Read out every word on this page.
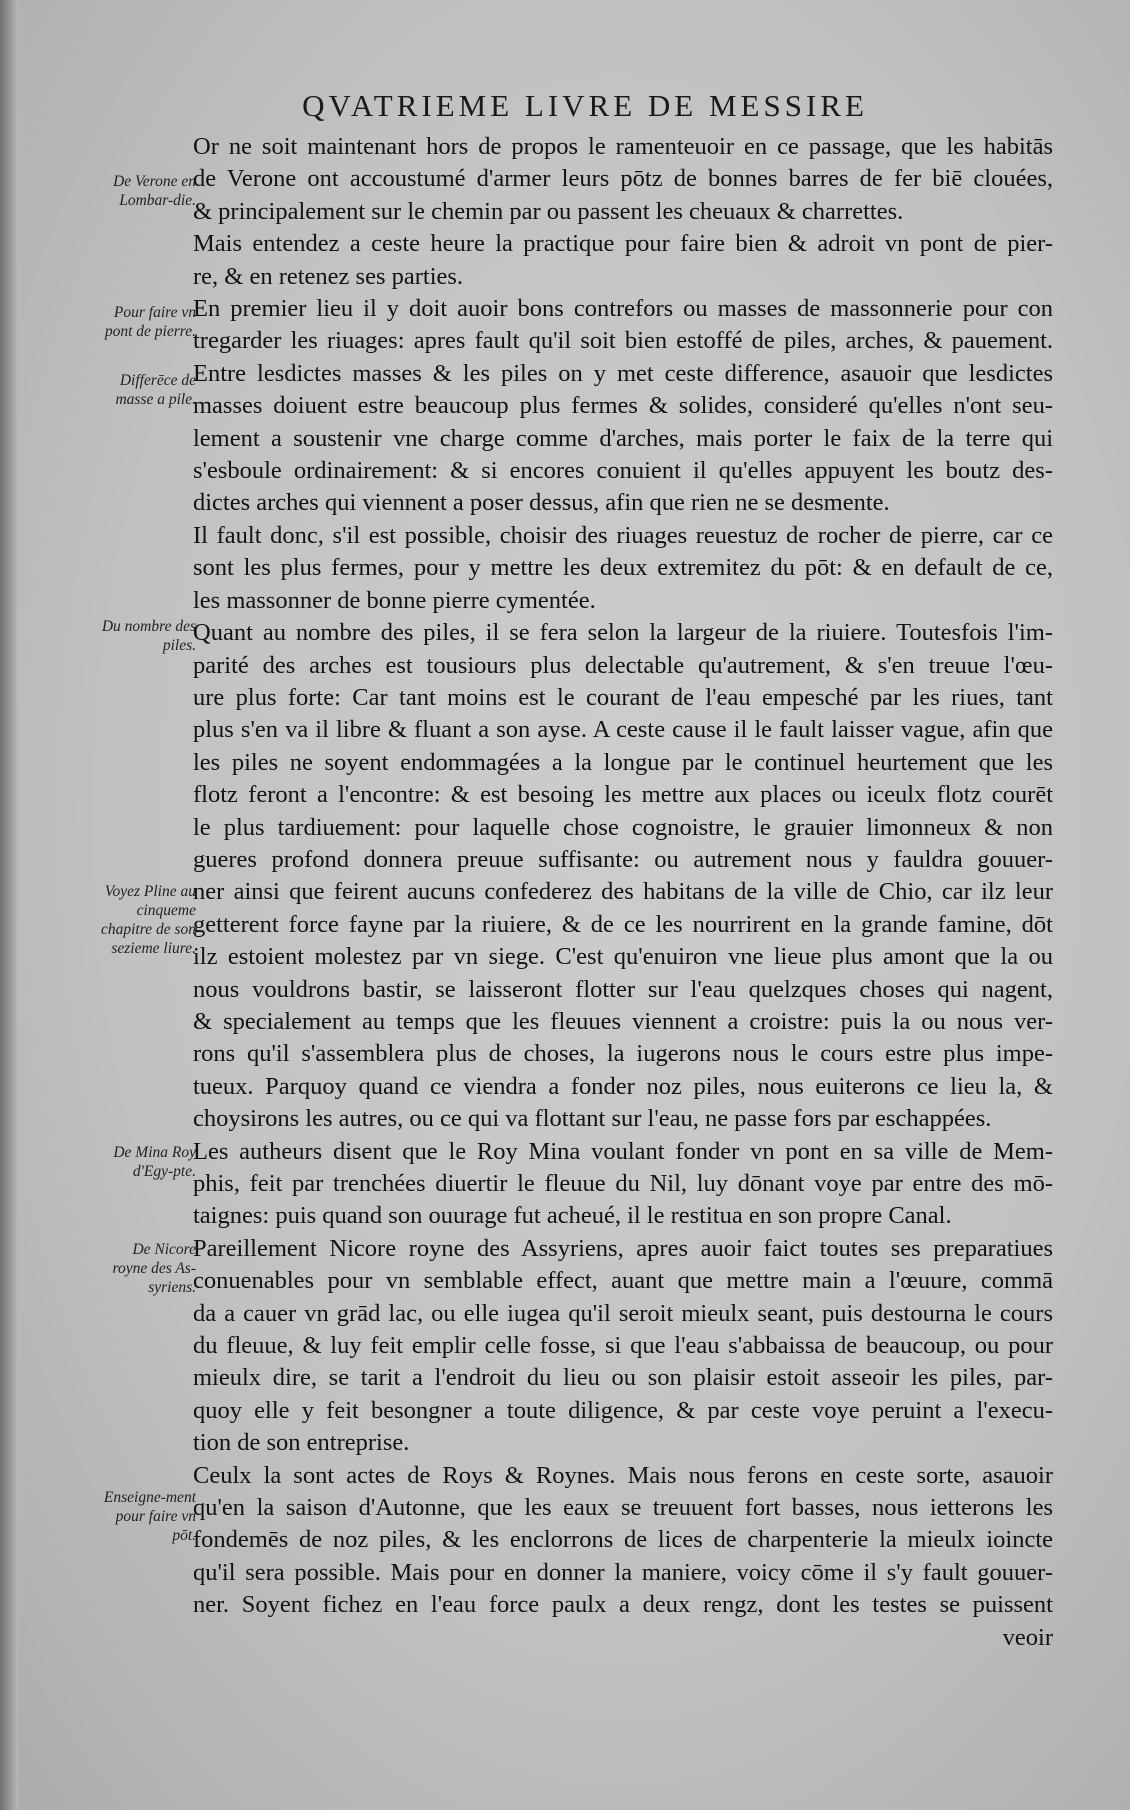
QVATRIEME LIVRE DE MESSIRE
De Verone en Lombar-die.
Pour faire vn pont de pierre.
Differēce de masse a pile.
Du nombre des piles.
Voyez Pline au cinqueme chapitre de son sezieme liure.
De Mina Roy d'Egy-pte.
De Nicore royne des As-syriens.
Enseigne-ment pour faire vn pōt.
Or ne soit maintenant hors de propos le ramenteuoir en ce passage, que les habitās
de Verone ont accoustumé d'armer leurs pōtz de bonnes barres de fer biē clouées,
& principalement sur le chemin par ou passent les cheuaux & charrettes.
Mais entendez a ceste heure la practique pour faire bien & adroit vn pont de pier-
re, & en retenez ses parties.
En premier lieu il y doit auoir bons contrefors ou masses de massonnerie pour con
tregarder les riuages: apres fault qu'il soit bien estoffé de piles, arches, & pauement.
Entre lesdictes masses & les piles on y met ceste difference, asauoir que lesdictes
masses doiuent estre beaucoup plus fermes & solides, consideré qu'elles n'ont seu-
lement a soustenir vne charge comme d'arches, mais porter le faix de la terre qui
s'esboule ordinairement: & si encores conuient il qu'elles appuyent les boutz des-
dictes arches qui viennent a poser dessus, afin que rien ne se desmente.
Il fault donc, s'il est possible, choisir des riuages reuestuz de rocher de pierre, car ce
sont les plus fermes, pour y mettre les deux extremitez du pōt: & en default de ce,
les massonner de bonne pierre cymentée.
Quant au nombre des piles, il se fera selon la largeur de la riuiere. Toutesfois l'im-
parité des arches est tousiours plus delectable qu'autrement, & s'en treuue l'œu-
ure plus forte: Car tant moins est le courant de l'eau empesché par les riues, tant
plus s'en va il libre & fluant a son ayse. A ceste cause il le fault laisser vague, afin que
les piles ne soyent endommagées a la longue par le continuel heurtement que les
flotz feront a l'encontre: & est besoing les mettre aux places ou iceulx flotz courēt
le plus tardiuement: pour laquelle chose cognoistre, le grauier limonneux & non
gueres profond donnera preuue suffisante: ou autrement nous y fauldra gouuer-
ner ainsi que feirent aucuns confederez des habitans de la ville de Chio, car ilz leur
getterent force fayne par la riuiere, & de ce les nourrirent en la grande famine, dōt
ilz estoient molestez par vn siege. C'est qu'enuiron vne lieue plus amont que la ou
nous vouldrons bastir, se laisseront flotter sur l'eau quelzques choses qui nagent,
& specialement au temps que les fleuues viennent a croistre: puis la ou nous ver-
rons qu'il s'assemblera plus de choses, la iugerons nous le cours estre plus impe-
tueux. Parquoy quand ce viendra a fonder noz piles, nous euiterons ce lieu la, &
choysirons les autres, ou ce qui va flottant sur l'eau, ne passe fors par eschappées.
Les autheurs disent que le Roy Mina voulant fonder vn pont en sa ville de Mem-
phis, feit par trenchées diuertir le fleuue du Nil, luy dōnant voye par entre des mō-
taignes: puis quand son ouurage fut acheué, il le restitua en son propre Canal.
Pareillement Nicore royne des Assyriens, apres auoir faict toutes ses preparatiues
conuenables pour vn semblable effect, auant que mettre main a l'œuure, commā
da a cauer vn grād lac, ou elle iugea qu'il seroit mieulx seant, puis destourna le cours
du fleuue, & luy feit emplir celle fosse, si que l'eau s'abbaissa de beaucoup, ou pour
mieulx dire, se tarit a l'endroit du lieu ou son plaisir estoit asseoir les piles, par-
quoy elle y feit besongner a toute diligence, & par ceste voye peruint a l'execu-
tion de son entreprise.
Ceulx la sont actes de Roys & Roynes. Mais nous ferons en ceste sorte, asauoir
qu'en la saison d'Autonne, que les eaux se treuuent fort basses, nous ietterons les
fondemēs de noz piles, & les enclorrons de lices de charpenterie la mieulx ioincte
qu'il sera possible. Mais pour en donner la maniere, voicy cōme il s'y fault gouuer-
ner. Soyent fichez en l'eau force paulx a deux rengz, dont les testes se puissent
veoir
